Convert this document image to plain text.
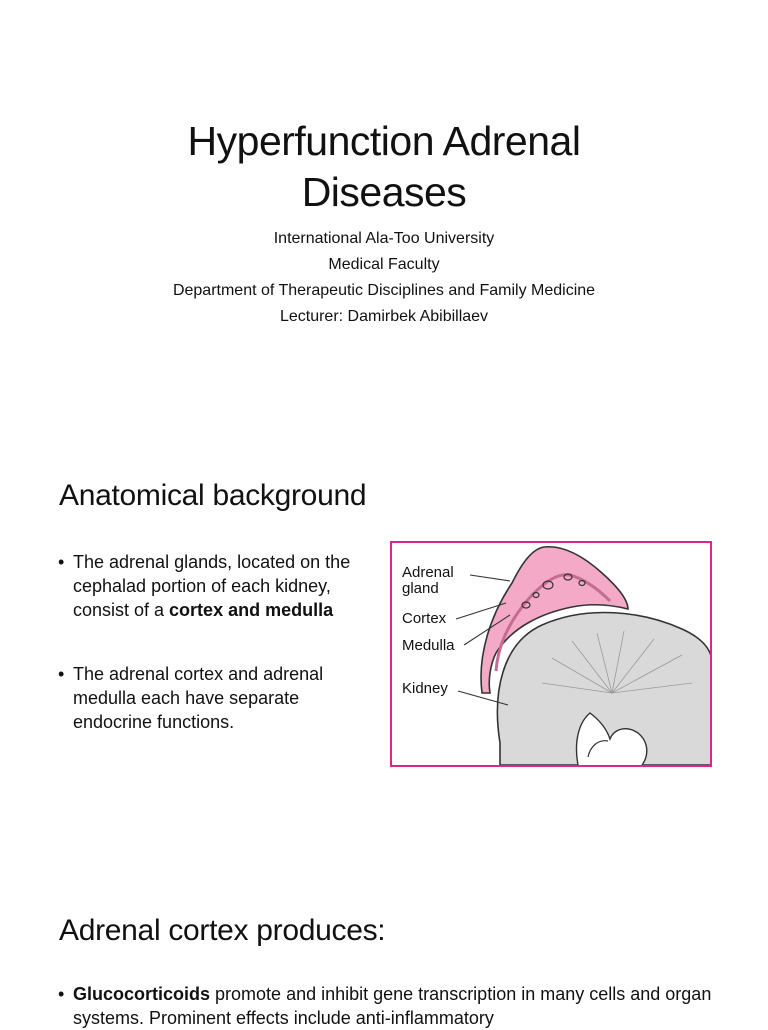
Hyperfunction Adrenal
Diseases
International Ala-Too University
Medical Faculty
Department of Therapeutic Disciplines and Family Medicine
Lecturer: Damirbek Abibillaev
Anatomical background
• The adrenal glands, located on the cephalad portion of each kidney, consist of a cortex and medulla
• The adrenal cortex and adrenal medulla each have separate endocrine functions.
Adrenal
gland
Cortex
Medulla
Kidney
Adrenal cortex produces:
• Glucocorticoids promote and inhibit gene transcription in many cells and organ systems. Prominent effects include anti-inflammatory
